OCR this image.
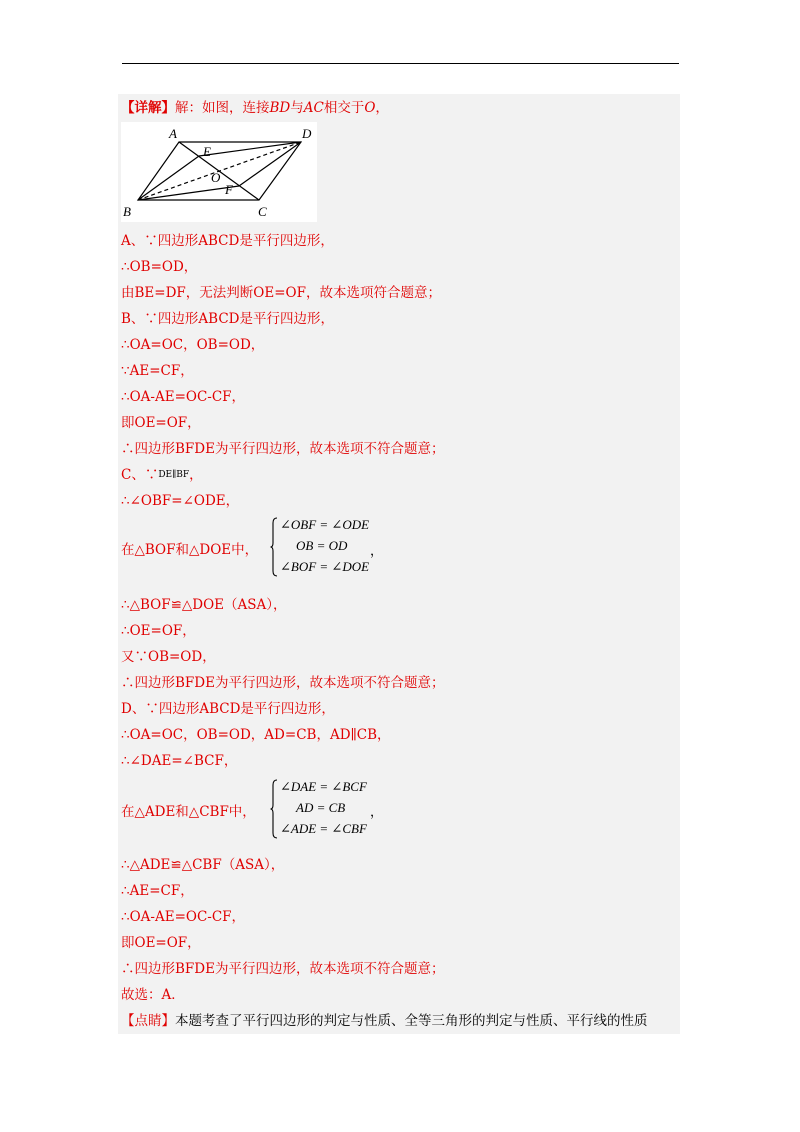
【详解】解：如图，连接BD与AC相交于O，
A	D
E
O
F
B	C
A、∵四边形ABCD是平行四边形，
∴OB=OD，
由BE=DF，无法判断OE=OF，故本选项符合题意；
B、∵四边形ABCD是平行四边形，
∴OA=OC，OB=OD，
∵AE=CF，
∴OA-AE=OC-CF，
即OE=OF，
∴四边形BFDE为平行四边形，故本选项不符合题意；
C、∵DE∥BF，
∴∠OBF=∠ODE，
在△BOF和△DOE中，
∠OBF = ∠ODE
OB = OD
∠BOF = ∠DOE
，
∴△BOF≌△DOE（ASA），
∴OE=OF，
又∵OB=OD，
∴四边形BFDE为平行四边形，故本选项不符合题意；
D、∵四边形ABCD是平行四边形，
∴OA=OC，OB=OD，AD=CB，AD∥CB，
∴∠DAE=∠BCF，
在△ADE和△CBF中，
∠DAE = ∠BCF
AD = CB
∠ADE = ∠CBF
，
∴△ADE≌△CBF（ASA），
∴AE=CF，
∴OA-AE=OC-CF，
即OE=OF，
∴四边形BFDE为平行四边形，故本选项不符合题意；
故选：A．
【点睛】本题考查了平行四边形的判定与性质、全等三角形的判定与性质、平行线的性质
